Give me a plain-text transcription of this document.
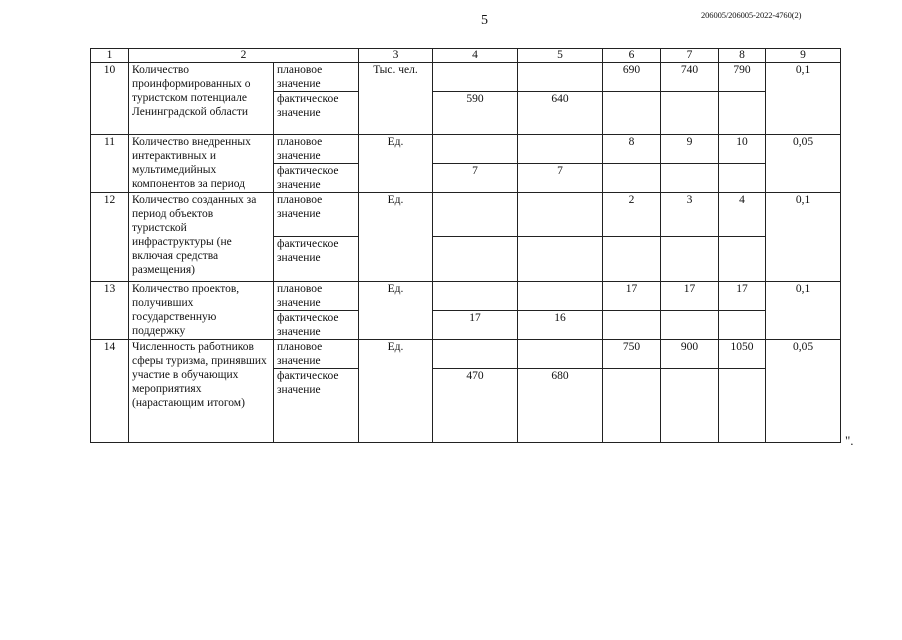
5	206005/206005-2022-4760(2)
1	2		3	4	5	6	7	8	9
10	Количество проинформированных о туристском потенциале Ленинградской области	плановое значение	Тыс. чел.			690	740	790	0,1
		фактическое значение		590	640				
11	Количество внедренных интерактивных и мультимедийных компонентов за период	плановое значение	Ед.			8	9	10	0,05
		фактическое значение		7	7				
12	Количество созданных за период объектов туристской инфраструктуры (не включая средства размещения)	плановое значение	Ед.			2	3	4	0,1
		фактическое значение							
13	Количество проектов, получивших государственную поддержку	плановое значение	Ед.			17	17	17	0,1
		фактическое значение		17	16				
14	Численность работников сферы туризма, принявших участие в обучающих мероприятиях (нарастающим итогом)	плановое значение	Ед.			750	900	1050	0,05
		фактическое значение		470	680				
".
